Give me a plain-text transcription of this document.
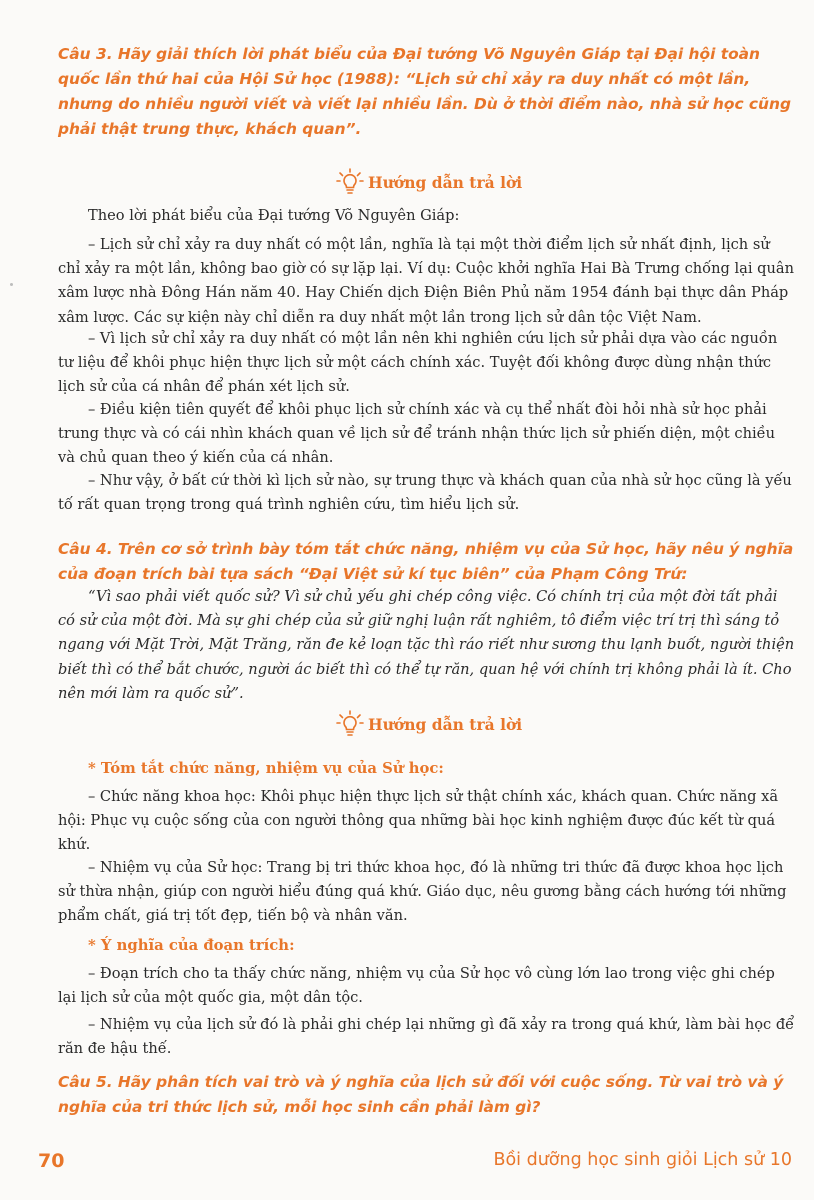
Câu 3. Hãy giải thích lời phát biểu của Đại tướng Võ Nguyên Giáp tại Đại hội toàn quốc lần thứ hai của Hội Sử học (1988): “Lịch sử chỉ xảy ra duy nhất có một lần, nhưng do nhiều người viết và viết lại nhiều lần. Dù ở thời điểm nào, nhà sử học cũng phải thật trung thực, khách quan”.

Hướng dẫn trả lời

Theo lời phát biểu của Đại tướng Võ Nguyên Giáp:

– Lịch sử chỉ xảy ra duy nhất có một lần, nghĩa là tại một thời điểm lịch sử nhất định, lịch sử chỉ xảy ra một lần, không bao giờ có sự lặp lại. Ví dụ: Cuộc khởi nghĩa Hai Bà Trưng chống lại quân xâm lược nhà Đông Hán năm 40. Hay Chiến dịch Điện Biên Phủ năm 1954 đánh bại thực dân Pháp xâm lược. Các sự kiện này chỉ diễn ra duy nhất một lần trong lịch sử dân tộc Việt Nam.

– Vì lịch sử chỉ xảy ra duy nhất có một lần nên khi nghiên cứu lịch sử phải dựa vào các nguồn tư liệu để khôi phục hiện thực lịch sử một cách chính xác. Tuyệt đối không được dùng nhận thức lịch sử của cá nhân để phán xét lịch sử.

– Điều kiện tiên quyết để khôi phục lịch sử chính xác và cụ thể nhất đòi hỏi nhà sử học phải trung thực và có cái nhìn khách quan về lịch sử để tránh nhận thức lịch sử phiến diện, một chiều và chủ quan theo ý kiến của cá nhân.

– Như vậy, ở bất cứ thời kì lịch sử nào, sự trung thực và khách quan của nhà sử học cũng là yếu tố rất quan trọng trong quá trình nghiên cứu, tìm hiểu lịch sử.

Câu 4. Trên cơ sở trình bày tóm tắt chức năng, nhiệm vụ của Sử học, hãy nêu ý nghĩa của đoạn trích bài tựa sách “Đại Việt sử kí tục biên” của Phạm Công Trứ:

“Vì sao phải viết quốc sử? Vì sử chủ yếu ghi chép công việc. Có chính trị của một đời tất phải có sử của một đời. Mà sự ghi chép của sử giữ nghị luận rất nghiêm, tô điểm việc trí trị thì sáng tỏ ngang với Mặt Trời, Mặt Trăng, răn đe kẻ loạn tặc thì ráo riết như sương thu lạnh buốt, người thiện biết thì có thể bắt chước, người ác biết thì có thể tự răn, quan hệ với chính trị không phải là ít. Cho nên mới làm ra quốc sử”.

Hướng dẫn trả lời

* Tóm tắt chức năng, nhiệm vụ của Sử học:

– Chức năng khoa học: Khôi phục hiện thực lịch sử thật chính xác, khách quan. Chức năng xã hội: Phục vụ cuộc sống của con người thông qua những bài học kinh nghiệm được đúc kết từ quá khứ.

– Nhiệm vụ của Sử học: Trang bị tri thức khoa học, đó là những tri thức đã được khoa học lịch sử thừa nhận, giúp con người hiểu đúng quá khứ. Giáo dục, nêu gương bằng cách hướng tới những phẩm chất, giá trị tốt đẹp, tiến bộ và nhân văn.

* Ý nghĩa của đoạn trích:

– Đoạn trích cho ta thấy chức năng, nhiệm vụ của Sử học vô cùng lớn lao trong việc ghi chép lại lịch sử của một quốc gia, một dân tộc.

– Nhiệm vụ của lịch sử đó là phải ghi chép lại những gì đã xảy ra trong quá khứ, làm bài học để răn đe hậu thế.

Câu 5. Hãy phân tích vai trò và ý nghĩa của lịch sử đối với cuộc sống. Từ vai trò và ý nghĩa của tri thức lịch sử, mỗi học sinh cần phải làm gì?

70	Bồi dưỡng học sinh giỏi Lịch sử 10
